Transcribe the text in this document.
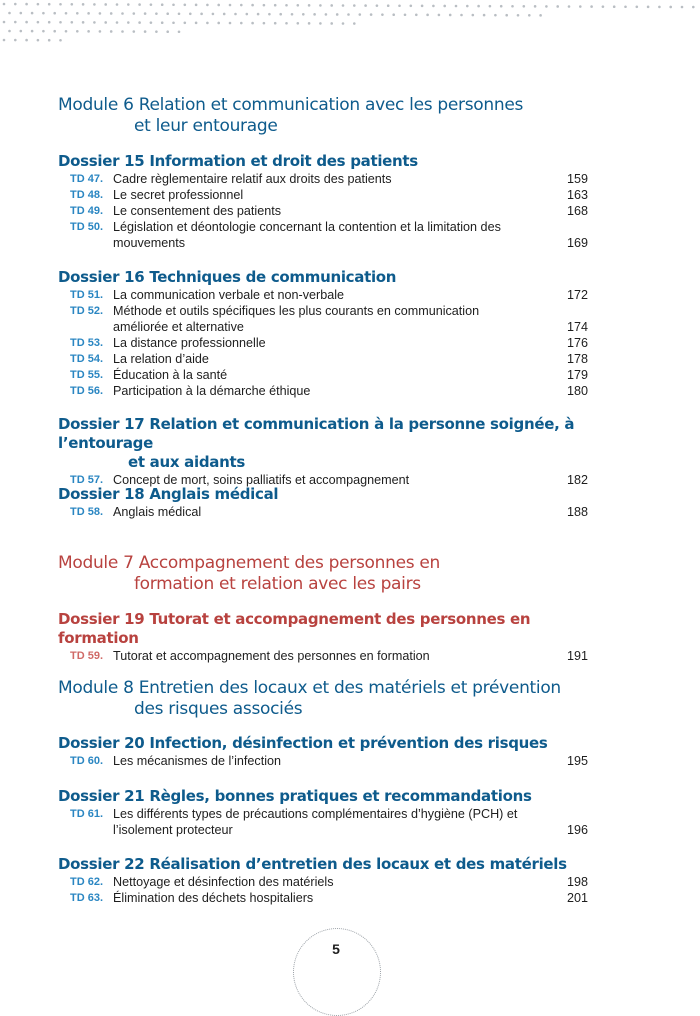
Module 6 Relation et communication avec les personnes
et leur entourage
Dossier 15 Information et droit des patients
TD 47. Cadre règlementaire relatif aux droits des patients	159
TD 48. Le secret professionnel	163
TD 49. Le consentement des patients	168
TD 50. Législation et déontologie concernant la contention et la limitation des mouvements	169
Dossier 16 Techniques de communication
TD 51. La communication verbale et non-verbale	172
TD 52. Méthode et outils spécifiques les plus courants en communication améliorée et alternative	174
TD 53. La distance professionnelle	176
TD 54. La relation d’aide	178
TD 55. Éducation à la santé	179
TD 56. Participation à la démarche éthique	180
Dossier 17 Relation et communication à la personne soignée, à l’entourage
et aux aidants
TD 57. Concept de mort, soins palliatifs et accompagnement	182
Dossier 18 Anglais médical
TD 58. Anglais médical	188
Module 7 Accompagnement des personnes en
formation et relation avec les pairs
Dossier 19 Tutorat et accompagnement des personnes en formation
TD 59. Tutorat et accompagnement des personnes en formation	191
Module 8 Entretien des locaux et des matériels et prévention
des risques associés
Dossier 20 Infection, désinfection et prévention des risques
TD 60. Les mécanismes de l’infection	195
Dossier 21 Règles, bonnes pratiques et recommandations
TD 61. Les différents types de précautions complémentaires d’hygiène (PCH) et l’isolement protecteur	196
Dossier 22 Réalisation d’entretien des locaux et des matériels
TD 62. Nettoyage et désinfection des matériels	198
TD 63. Élimination des déchets hospitaliers	201
5
